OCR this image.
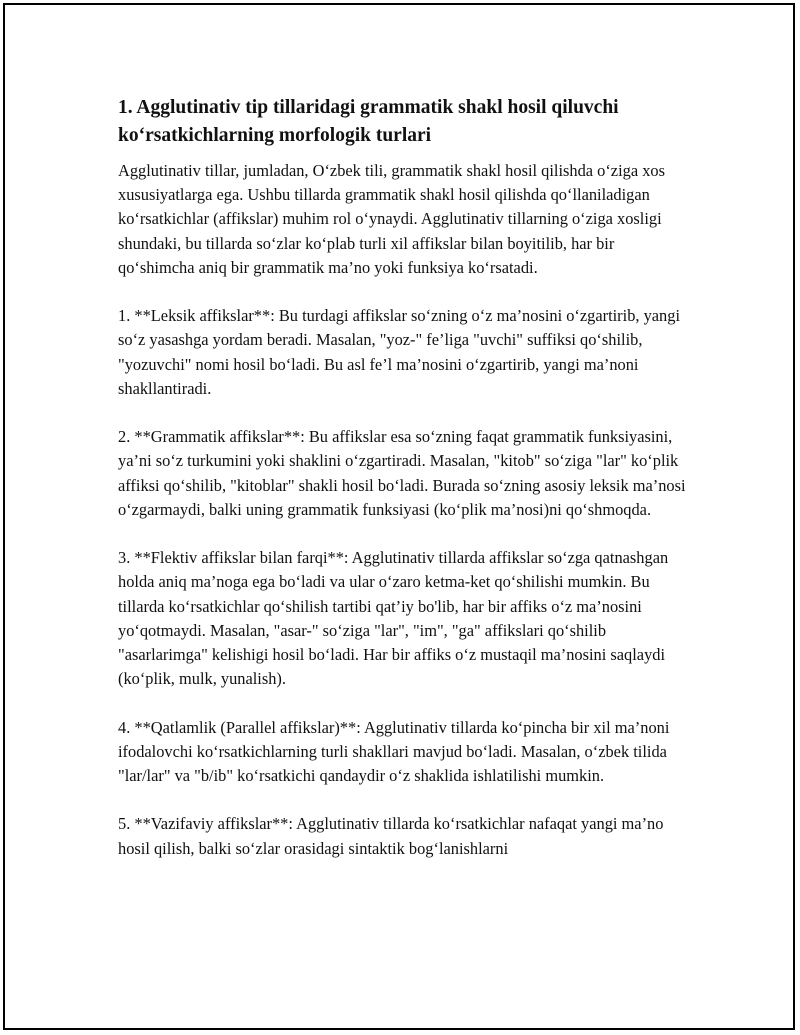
1. Agglutinativ tip tillaridagi grammatik shakl hosil qiluvchi ko‘rsatkichlarning morfologik turlari

Agglutinativ tillar, jumladan, O‘zbek tili, grammatik shakl hosil qilishda o‘ziga xos xususiyatlarga ega. Ushbu tillarda grammatik shakl hosil qilishda qo‘llaniladigan ko‘rsatkichlar (affikslar) muhim rol o‘ynaydi. Agglutinativ tillarning o‘ziga xosligi shundaki, bu tillarda so‘zlar ko‘plab turli xil affikslar bilan boyitilib, har bir qo‘shimcha aniq bir grammatik ma’no yoki funksiya ko‘rsatadi.

1. **Leksik affikslar**: Bu turdagi affikslar so‘zning o‘z ma’nosini o‘zgartirib, yangi so‘z yasashga yordam beradi. Masalan, "yoz-" fe’liga "uvchi" suffiksi qo‘shilib, "yozuvchi" nomi hosil bo‘ladi. Bu asl fe’l ma’nosini o‘zgartirib, yangi ma’noni shakllantiradi.

2. **Grammatik affikslar**: Bu affikslar esa so‘zning faqat grammatik funksiyasini, ya’ni so‘z turkumini yoki shaklini o‘zgartiradi. Masalan, "kitob" so‘ziga "lar" ko‘plik affiksi qo‘shilib, "kitoblar" shakli hosil bo‘ladi. Burada so‘zning asosiy leksik ma’nosi o‘zgarmaydi, balki uning grammatik funksiyasi (ko‘plik ma’nosi)ni qo‘shmoqda.

3. **Flektiv affikslar bilan farqi**: Agglutinativ tillarda affikslar so‘zga qatnashgan holda aniq ma’noga ega bo‘ladi va ular o‘zaro ketma-ket qo‘shilishi mumkin. Bu tillarda ko‘rsatkichlar qo‘shilish tartibi qat’iy bo'lib, har bir affiks o‘z ma’nosini yo‘qotmaydi. Masalan, "asar-" so‘ziga "lar", "im", "ga" affikslari qo‘shilib "asarlarimga" kelishigi hosil bo‘ladi. Har bir affiks o‘z mustaqil ma’nosini saqlaydi (ko‘plik, mulk, yunalish).

4. **Qatlamlik (Parallel affikslar)**: Agglutinativ tillarda ko‘pincha bir xil ma’noni ifodalovchi ko‘rsatkichlarning turli shakllari mavjud bo‘ladi. Masalan, o‘zbek tilida "lar/lar" va "b/ib" ko‘rsatkichi qandaydir o‘z shaklida ishlatilishi mumkin.

5. **Vazifaviy affikslar**: Agglutinativ tillarda ko‘rsatkichlar nafaqat yangi ma’no hosil qilish, balki so‘zlar orasidagi sintaktik bog‘lanishlarni
